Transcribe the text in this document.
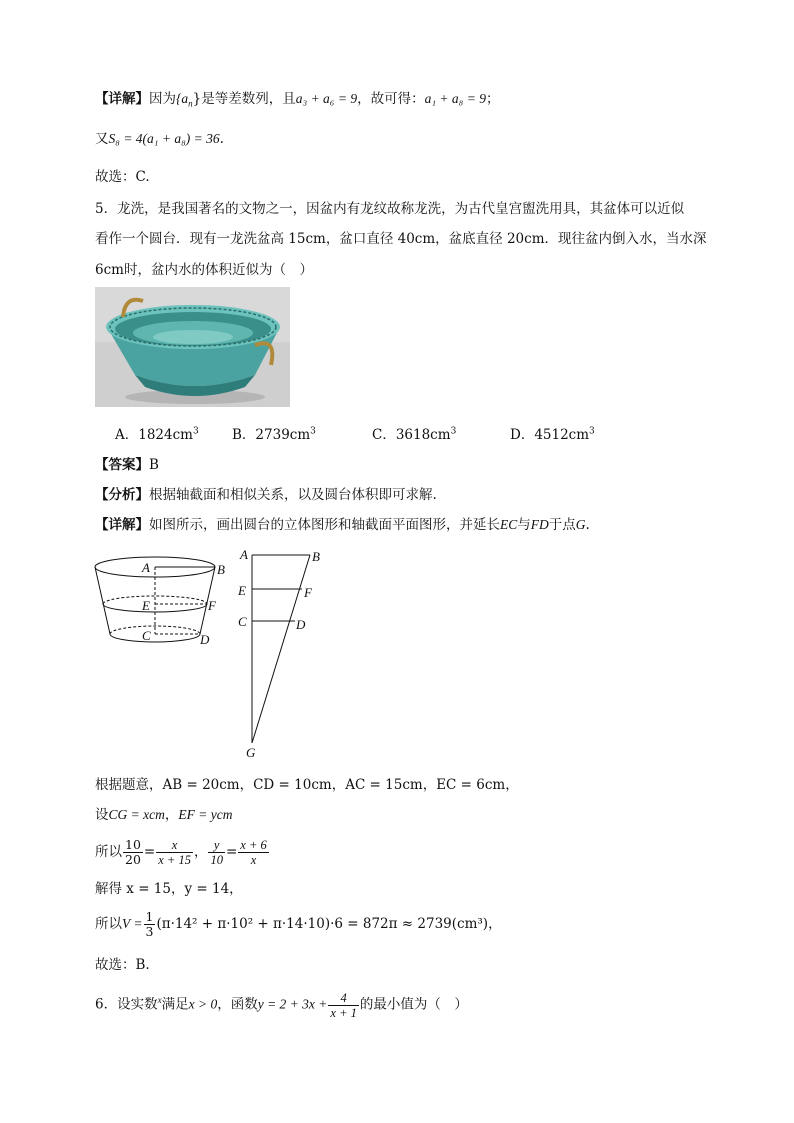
【详解】因为$\{a_n\}$是等差数列，且a₃ + a₆ = 9，故可得：a₁ + a₈ = 9；
又S₈ = 4(a₁ + a₈) = 36.
故选：C.
5．龙洗，是我国著名的文物之一，因盆内有龙纹故称龙洗，为古代皇宫盥洗用具，其盆体可以近似
看作一个圆台．现有一龙洗盆高 15cm，盆口直径 40cm，盆底直径 20cm．现往盆内倒入水，当水深
6cm时，盆内水的体积近似为（　）
A．$1824cm^3$ B．$2739cm^3$	C．$3618cm^3$	D．$4512cm^3$
【答案】B
【分析】根据轴截面和相似关系，以及圆台体积即可求解.
【详解】如图所示，画出圆台的立体图形和轴截面平面图形，并延长EC与FD于点G.
A	B
E	F
C	D
A	B
E	F
C	D
G
根据题意，AB = 20cm，CD = 10cm，AC = 15cm，EC = 6cm，
设CG = xcm，EF = ycm
所以 $\frac{10}{20} = \frac{x}{x + 15}$ ， $\frac{y}{10} = \frac{x + 6}{x}$
解得 x = 15，y = 14，
所以$V = \frac{1}{3} (\pi\cdot 14^2 + \pi\cdot 10^2 + \pi\cdot 14\cdot 10)\cdot 6 = 872\pi \approx 2739(cm^3)$，
故选：B.
6．设实数$^x$满足x > 0，函数$y = 2 + 3x + \frac{4}{x + 1}$ 的最小值为（　）
